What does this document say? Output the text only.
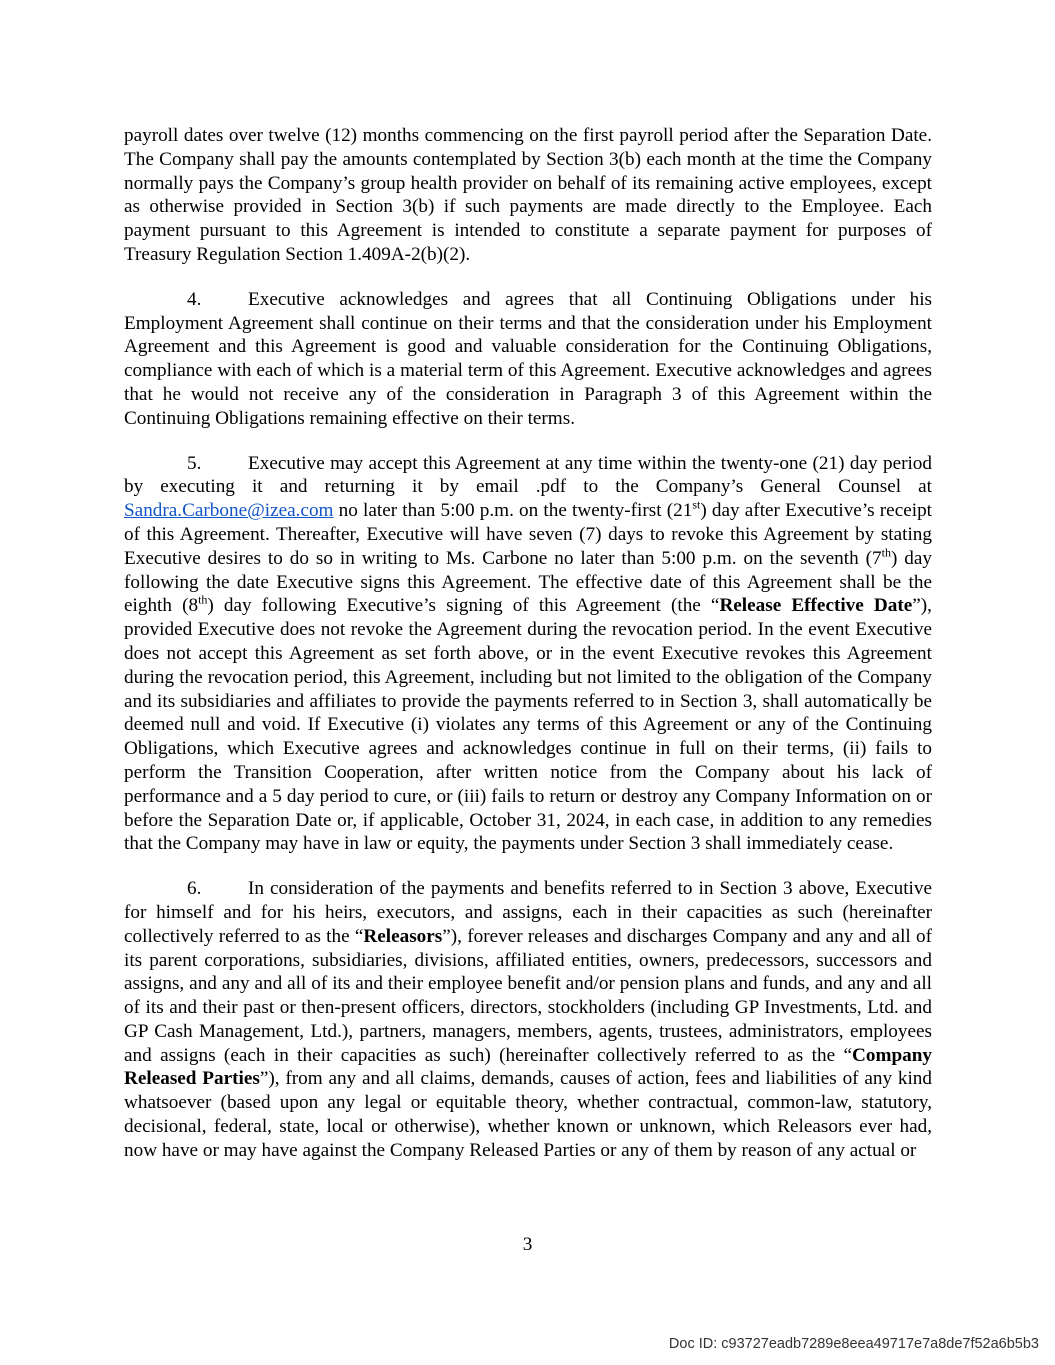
payroll dates over twelve (12) months commencing on the first payroll period after the Separation Date. The Company shall pay the amounts contemplated by Section 3(b) each month at the time the Company normally pays the Company’s group health provider on behalf of its remaining active employees, except as otherwise provided in Section 3(b) if such payments are made directly to the Employee. Each payment pursuant to this Agreement is intended to constitute a separate payment for purposes of Treasury Regulation Section 1.409A-2(b)(2).

4. Executive acknowledges and agrees that all Continuing Obligations under his Employment Agreement shall continue on their terms and that the consideration under his Employment Agreement and this Agreement is good and valuable consideration for the Continuing Obligations, compliance with each of which is a material term of this Agreement. Executive acknowledges and agrees that he would not receive any of the consideration in Paragraph 3 of this Agreement within the Continuing Obligations remaining effective on their terms.

5. Executive may accept this Agreement at any time within the twenty-one (21) day period by executing it and returning it by email .pdf to the Company’s General Counsel at Sandra.Carbone@izea.com no later than 5:00 p.m. on the twenty-first (21st) day after Executive’s receipt of this Agreement. Thereafter, Executive will have seven (7) days to revoke this Agreement by stating Executive desires to do so in writing to Ms. Carbone no later than 5:00 p.m. on the seventh (7th) day following the date Executive signs this Agreement. The effective date of this Agreement shall be the eighth (8th) day following Executive’s signing of this Agreement (the “Release Effective Date”), provided Executive does not revoke the Agreement during the revocation period. In the event Executive does not accept this Agreement as set forth above, or in the event Executive revokes this Agreement during the revocation period, this Agreement, including but not limited to the obligation of the Company and its subsidiaries and affiliates to provide the payments referred to in Section 3, shall automatically be deemed null and void. If Executive (i) violates any terms of this Agreement or any of the Continuing Obligations, which Executive agrees and acknowledges continue in full on their terms, (ii) fails to perform the Transition Cooperation, after written notice from the Company about his lack of performance and a 5 day period to cure, or (iii) fails to return or destroy any Company Information on or before the Separation Date or, if applicable, October 31, 2024, in each case, in addition to any remedies that the Company may have in law or equity, the payments under Section 3 shall immediately cease.

6. In consideration of the payments and benefits referred to in Section 3 above, Executive for himself and for his heirs, executors, and assigns, each in their capacities as such (hereinafter collectively referred to as the “Releasors”), forever releases and discharges Company and any and all of its parent corporations, subsidiaries, divisions, affiliated entities, owners, predecessors, successors and assigns, and any and all of its and their employee benefit and/or pension plans and funds, and any and all of its and their past or then-present officers, directors, stockholders (including GP Investments, Ltd. and GP Cash Management, Ltd.), partners, managers, members, agents, trustees, administrators, employees and assigns (each in their capacities as such) (hereinafter collectively referred to as the “Company Released Parties”), from any and all claims, demands, causes of action, fees and liabilities of any kind whatsoever (based upon any legal or equitable theory, whether contractual, common-law, statutory, decisional, federal, state, local or otherwise), whether known or unknown, which Releasors ever had, now have or may have against the Company Released Parties or any of them by reason of any actual or

3
Doc ID: c93727eadb7289e8eea49717e7a8de7f52a6b5b3
